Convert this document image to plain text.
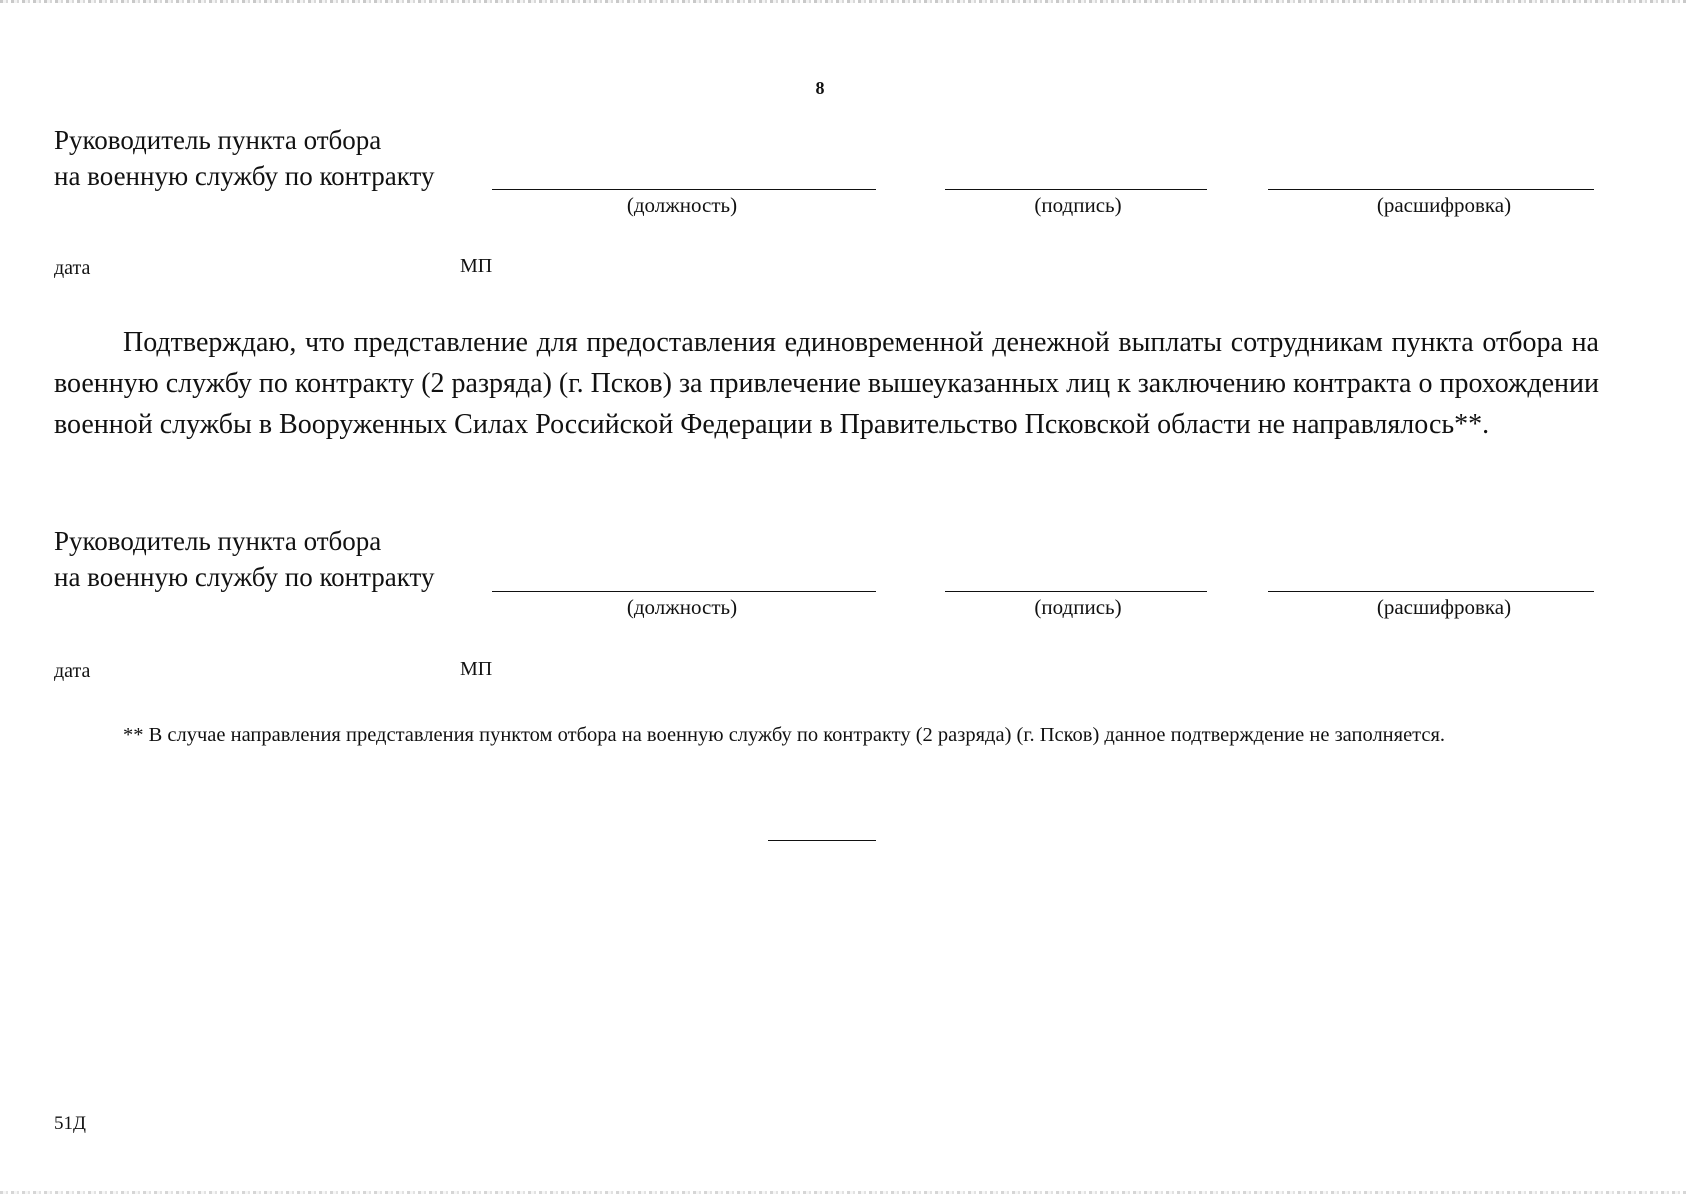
8
Руководитель пункта отбора
на военную службу по контракту
(должность)	(подпись)	(расшифровка)
дата	МП

Подтверждаю, что представление для предоставления единовременной денежной выплаты сотрудникам пункта отбора на военную службу по контракту (2 разряда) (г. Псков) за привлечение вышеуказанных лиц к заключению контракта о прохождении военной службы в Вооруженных Силах Российской Федерации в Правительство Псковской области не направлялось**.

Руководитель пункта отбора
на военную службу по контракту
(должность)	(подпись)	(расшифровка)
дата	МП

** В случае направления представления пунктом отбора на военную службу по контракту (2 разряда) (г. Псков) данное подтверждение не заполняется.

51Д
